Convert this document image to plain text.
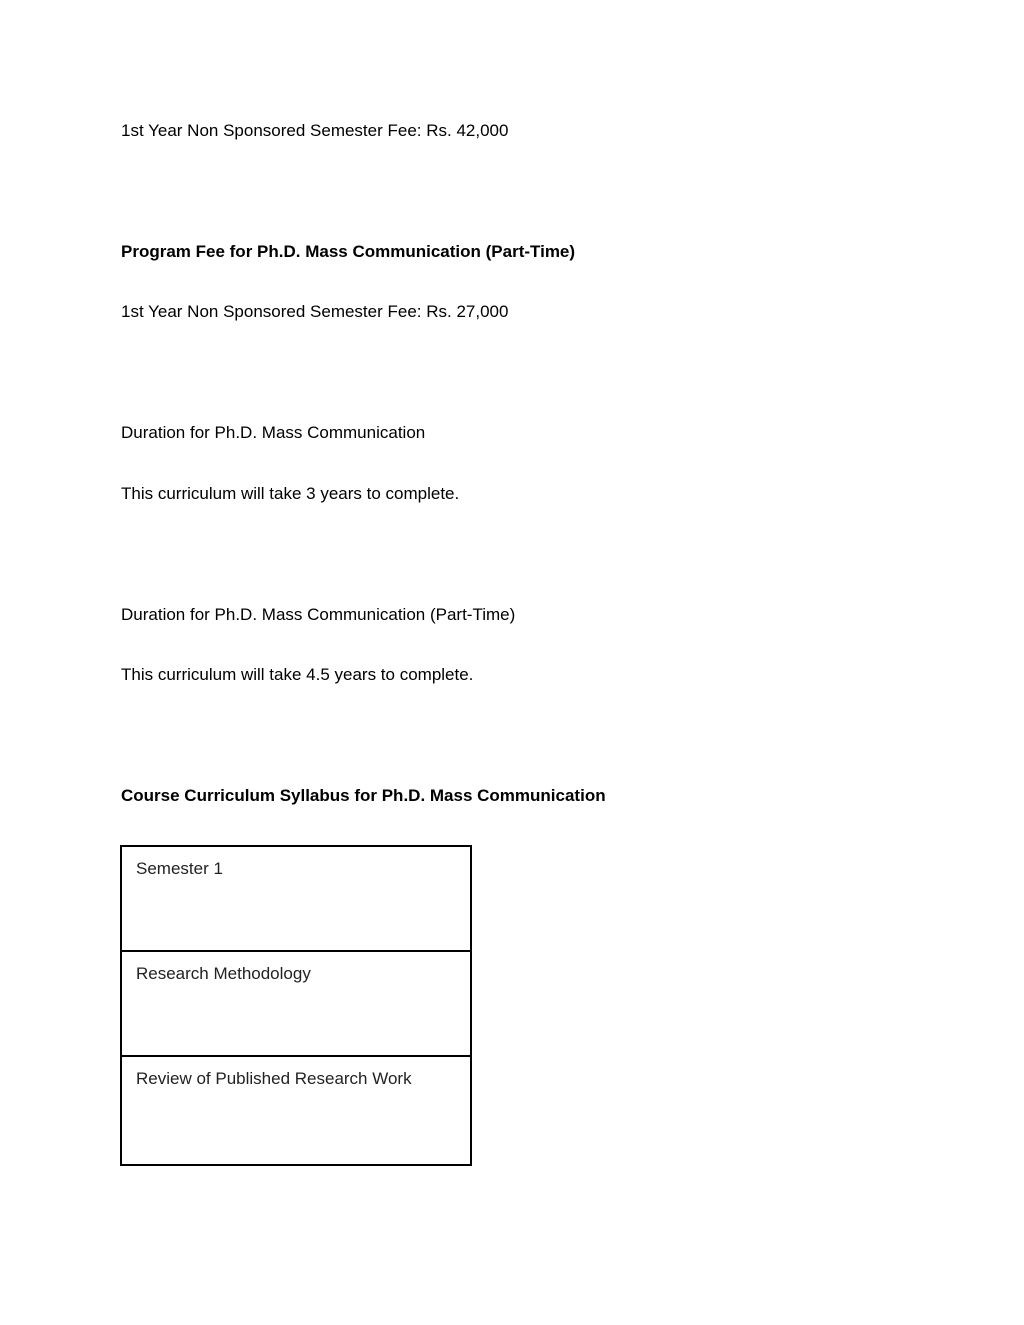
1st Year Non Sponsored Semester Fee: Rs. 42,000
Program Fee for Ph.D. Mass Communication (Part-Time)
1st Year Non Sponsored Semester Fee: Rs. 27,000
Duration for Ph.D. Mass Communication
This curriculum will take 3 years to complete.
Duration for Ph.D. Mass Communication (Part-Time)
This curriculum will take 4.5 years to complete.
Course Curriculum Syllabus for Ph.D. Mass Communication
Semester 1
Research Methodology
Review of Published Research Work
